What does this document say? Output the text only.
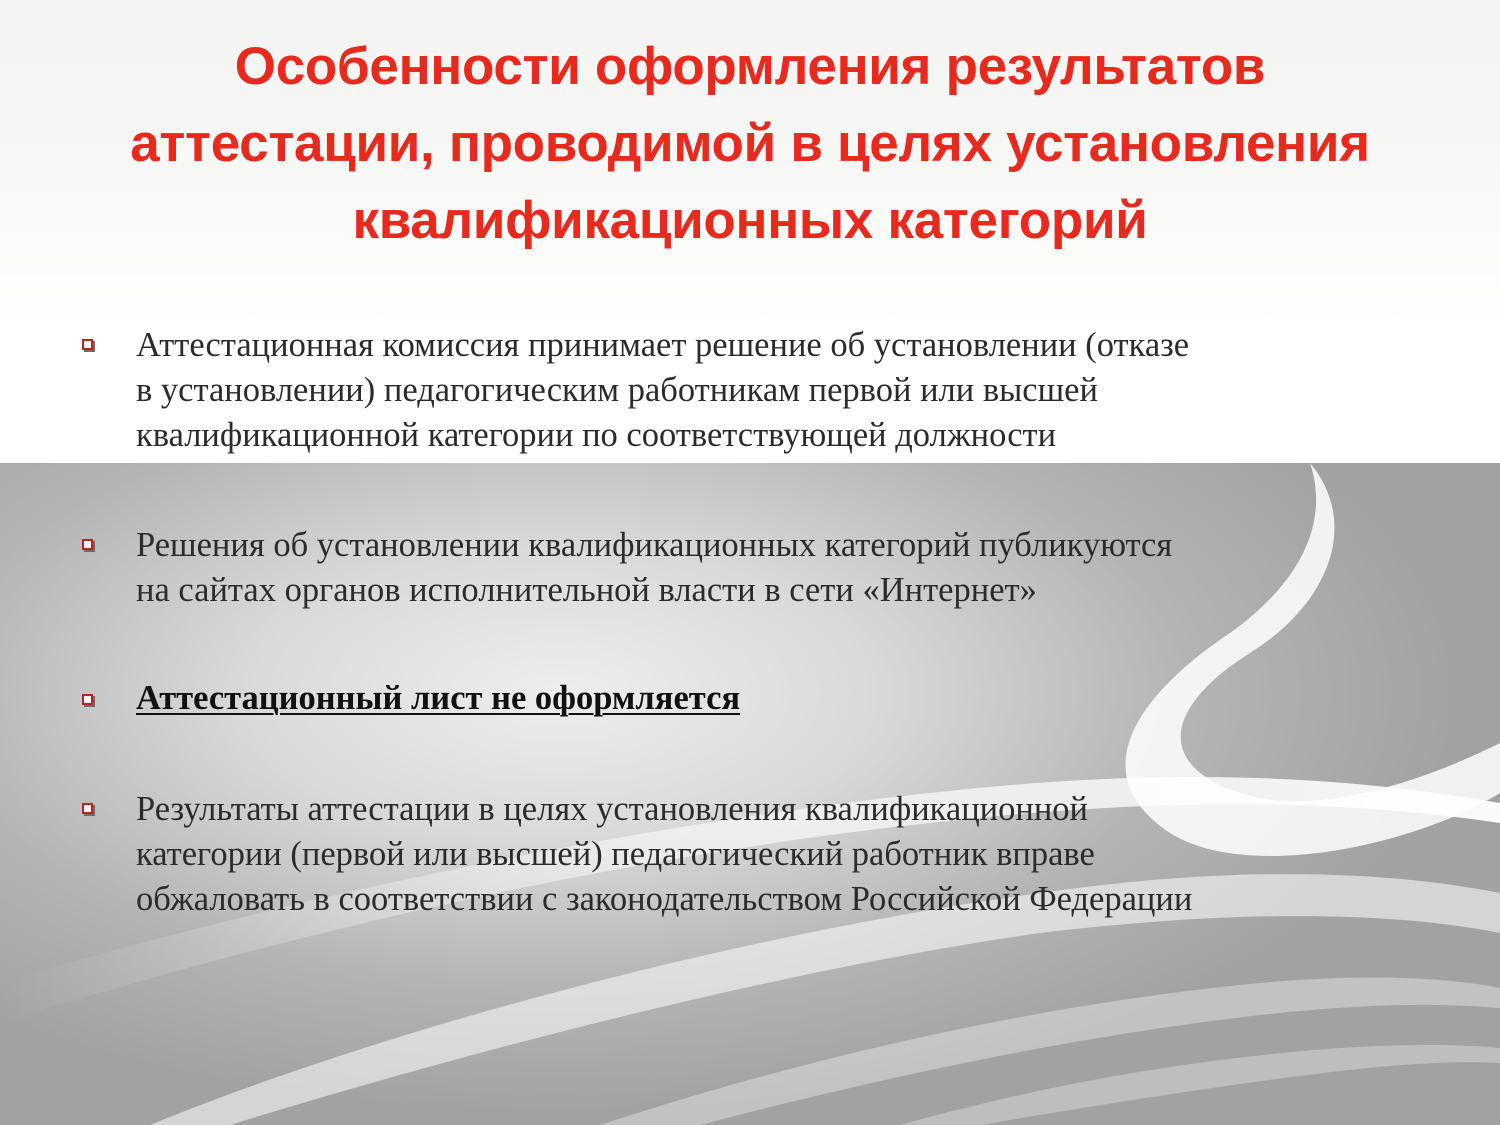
Особенности оформления результатов
аттестации, проводимой в целях установления
квалификационных категорий

Аттестационная комиссия принимает решение об установлении (отказе
в установлении) педагогическим работникам первой или высшей
квалификационной категории по соответствующей должности

Решения об установлении квалификационных категорий публикуются
на сайтах органов исполнительной власти в сети «Интернет»

Аттестационный лист не оформляется

Результаты аттестации в целях установления квалификационной
категории (первой или высшей) педагогический работник вправе
обжаловать в соответствии с законодательством Российской Федерации
